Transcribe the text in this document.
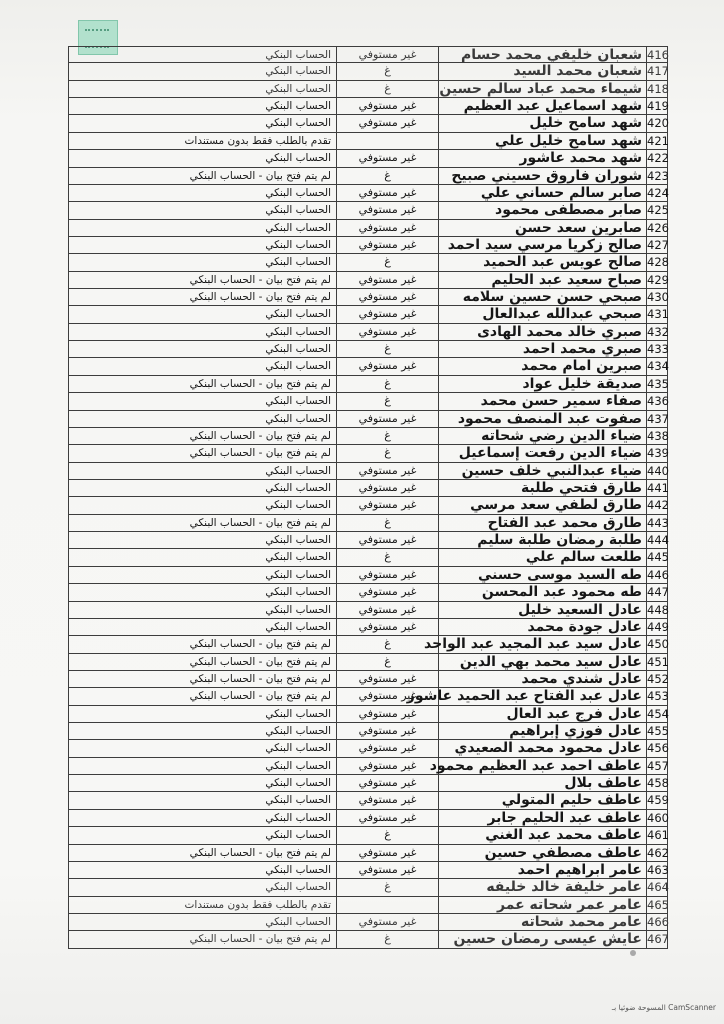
416
شعبان خليفي محمد حسام
غير مستوفي
الحساب البنكي
417
شعبان محمد السيد
غ
الحساب البنكي
418
شيماء محمد عباد سالم حسين
غ
الحساب البنكي
419
شهد اسماعيل عبد العظيم
غير مستوفي
الحساب البنكي
420
شهد سامح خليل
غير مستوفي
الحساب البنكي
421
شهد سامح خليل علي
تقدم بالطلب فقط بدون مستندات
422
شهد محمد عاشور
غير مستوفي
الحساب البنكي
423
شوران فاروق حسيني صبيح
غ
لم يتم فتح بيان - الحساب البنكي
424
صابر سالم حساني علي
غير مستوفي
الحساب البنكي
425
صابر مصطفى محمود
غير مستوفي
الحساب البنكي
426
صابرين سعد حسن
غير مستوفي
الحساب البنكي
427
صالح زكريا مرسي سيد احمد
غير مستوفي
الحساب البنكي
428
صالح عويس عبد الحميد
غ
الحساب البنكي
429
صباح سعيد عبد الحليم
غير مستوفي
لم يتم فتح بيان - الحساب البنكي
430
صبحي حسن حسين سلامه
غير مستوفي
لم يتم فتح بيان - الحساب البنكي
431
صبحي عبدالله عبدالعال
غير مستوفي
الحساب البنكي
432
صبري خالد محمد الهادى
غير مستوفي
الحساب البنكي
433
صبري محمد احمد
غ
الحساب البنكي
434
صبرين امام محمد
غير مستوفي
الحساب البنكي
435
صديقة خليل عواد
غ
لم يتم فتح بيان - الحساب البنكي
436
صفاء سمير حسن محمد
غ
الحساب البنكي
437
صفوت عبد المنصف محمود
غير مستوفي
الحساب البنكي
438
ضياء الدين رضي شحاته
غ
لم يتم فتح بيان - الحساب البنكي
439
ضياء الدين رفعت إسماعيل
غ
لم يتم فتح بيان - الحساب البنكي
440
ضياء عبدالنبي خلف حسين
غير مستوفي
الحساب البنكي
441
طارق فتحي طلبة
غير مستوفي
الحساب البنكي
442
طارق لطفي سعد مرسي
غير مستوفي
الحساب البنكي
443
طارق محمد عبد الفتاح
غ
لم يتم فتح بيان - الحساب البنكي
444
طلبة رمضان طلبة سليم
غير مستوفي
الحساب البنكي
445
طلعت سالم علي
غ
الحساب البنكي
446
طه السيد موسى حسني
غير مستوفي
الحساب البنكي
447
طه محمود عبد المحسن
غير مستوفي
الحساب البنكي
448
عادل السعيد خليل
غير مستوفي
الحساب البنكي
449
عادل جودة محمد
غير مستوفي
الحساب البنكي
450
عادل سيد عبد المجيد عبد الواحد
غ
لم يتم فتح بيان - الحساب البنكي
451
عادل سيد محمد بهي الدين
غ
لم يتم فتح بيان - الحساب البنكي
452
عادل شندي محمد
غير مستوفي
لم يتم فتح بيان - الحساب البنكي
453
عادل عبد الفتاح عبد الحميد عاشور
غير مستوفي
لم يتم فتح بيان - الحساب البنكي
454
عادل فرج عبد العال
غير مستوفي
الحساب البنكي
455
عادل فوزي إبراهيم
غير مستوفي
الحساب البنكي
456
عادل محمود محمد الصعيدي
غير مستوفي
الحساب البنكي
457
عاطف احمد عبد العظيم محمود
غير مستوفي
الحساب البنكي
458
عاطف بلال
غير مستوفي
الحساب البنكي
459
عاطف حليم المتولي
غير مستوفي
الحساب البنكي
460
عاطف عبد الحليم جابر
غير مستوفي
الحساب البنكي
461
عاطف محمد عبد الغني
غ
الحساب البنكي
462
عاطف مصطفي حسين
غير مستوفي
لم يتم فتح بيان - الحساب البنكي
463
عامر ابراهيم احمد
غير مستوفي
الحساب البنكي
464
عامر خليفة خالد خليفه
غ
الحساب البنكي
465
عامر عمر شحاته عمر
تقدم بالطلب فقط بدون مستندات
466
عامر محمد شحاته
غير مستوفي
الحساب البنكي
467
عايش عيسى رمضان حسين
غ
لم يتم فتح بيان - الحساب البنكي
CamScanner المسوحة ضوئيا بـ
